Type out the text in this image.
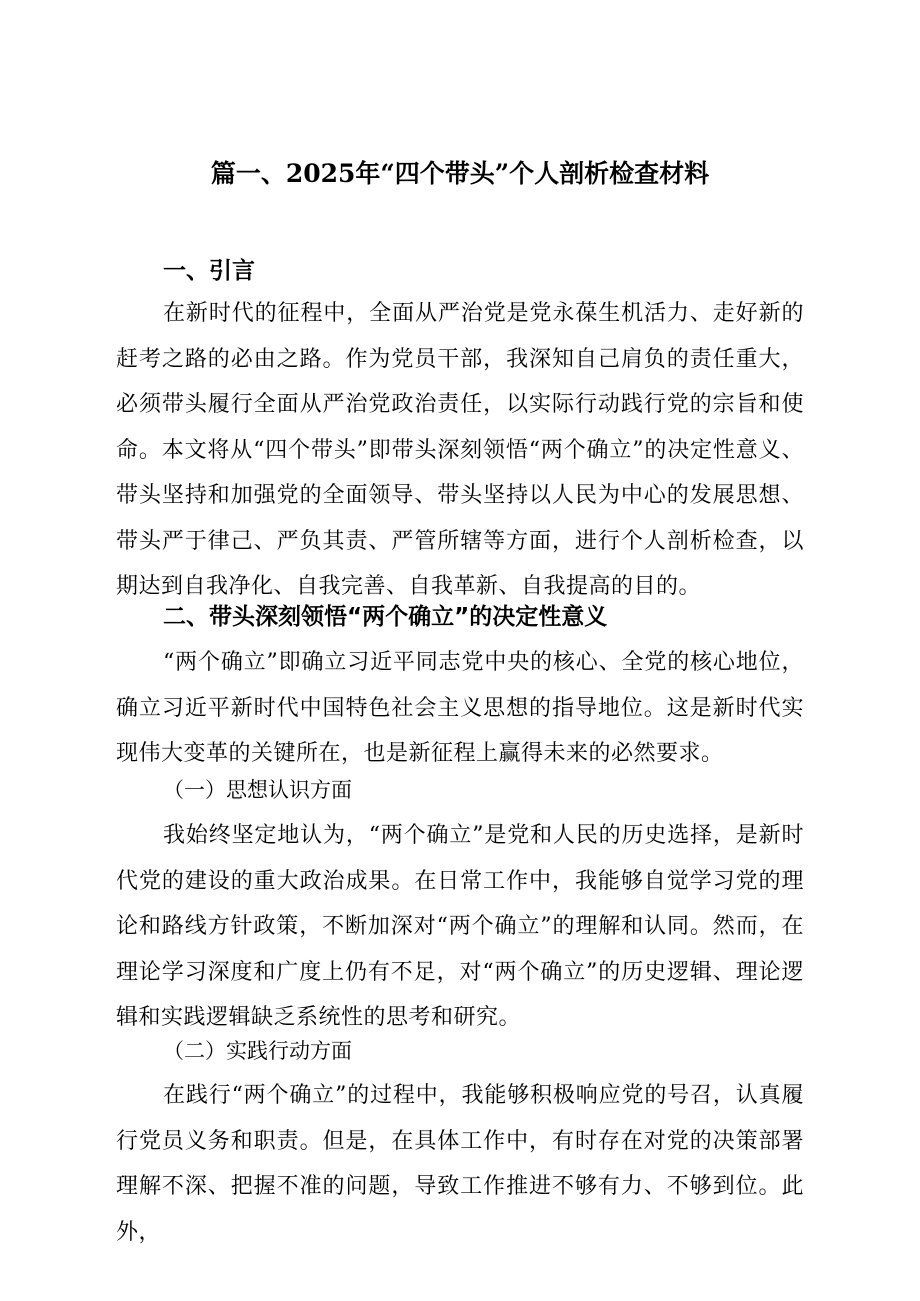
篇一、2025年“四个带头”个人剖析检查材料
一、引言

在新时代的征程中，全面从严治党是党永葆生机活力、走好新的赶考之路的必由之路。作为党员干部，我深知自己肩负的责任重大，必须带头履行全面从严治党政治责任，以实际行动践行党的宗旨和使命。本文将从“四个带头”即带头深刻领悟“两个确立”的决定性意义、带头坚持和加强党的全面领导、带头坚持以人民为中心的发展思想、带头严于律己、严负其责、严管所辖等方面，进行个人剖析检查，以期达到自我净化、自我完善、自我革新、自我提高的目的。

二、带头深刻领悟“两个确立”的决定性意义

“两个确立”即确立习近平同志党中央的核心、全党的核心地位，确立习近平新时代中国特色社会主义思想的指导地位。这是新时代实现伟大变革的关键所在，也是新征程上赢得未来的必然要求。

（一）思想认识方面

我始终坚定地认为，“两个确立”是党和人民的历史选择，是新时代党的建设的重大政治成果。在日常工作中，我能够自觉学习党的理论和路线方针政策，不断加深对“两个确立”的理解和认同。然而，在理论学习深度和广度上仍有不足，对“两个确立”的历史逻辑、理论逻辑和实践逻辑缺乏系统性的思考和研究。

（二）实践行动方面

在践行“两个确立”的过程中，我能够积极响应党的号召，认真履行党员义务和职责。但是，在具体工作中，有时存在对党的决策部署理解不深、把握不准的问题，导致工作推进不够有力、不够到位。此外，
